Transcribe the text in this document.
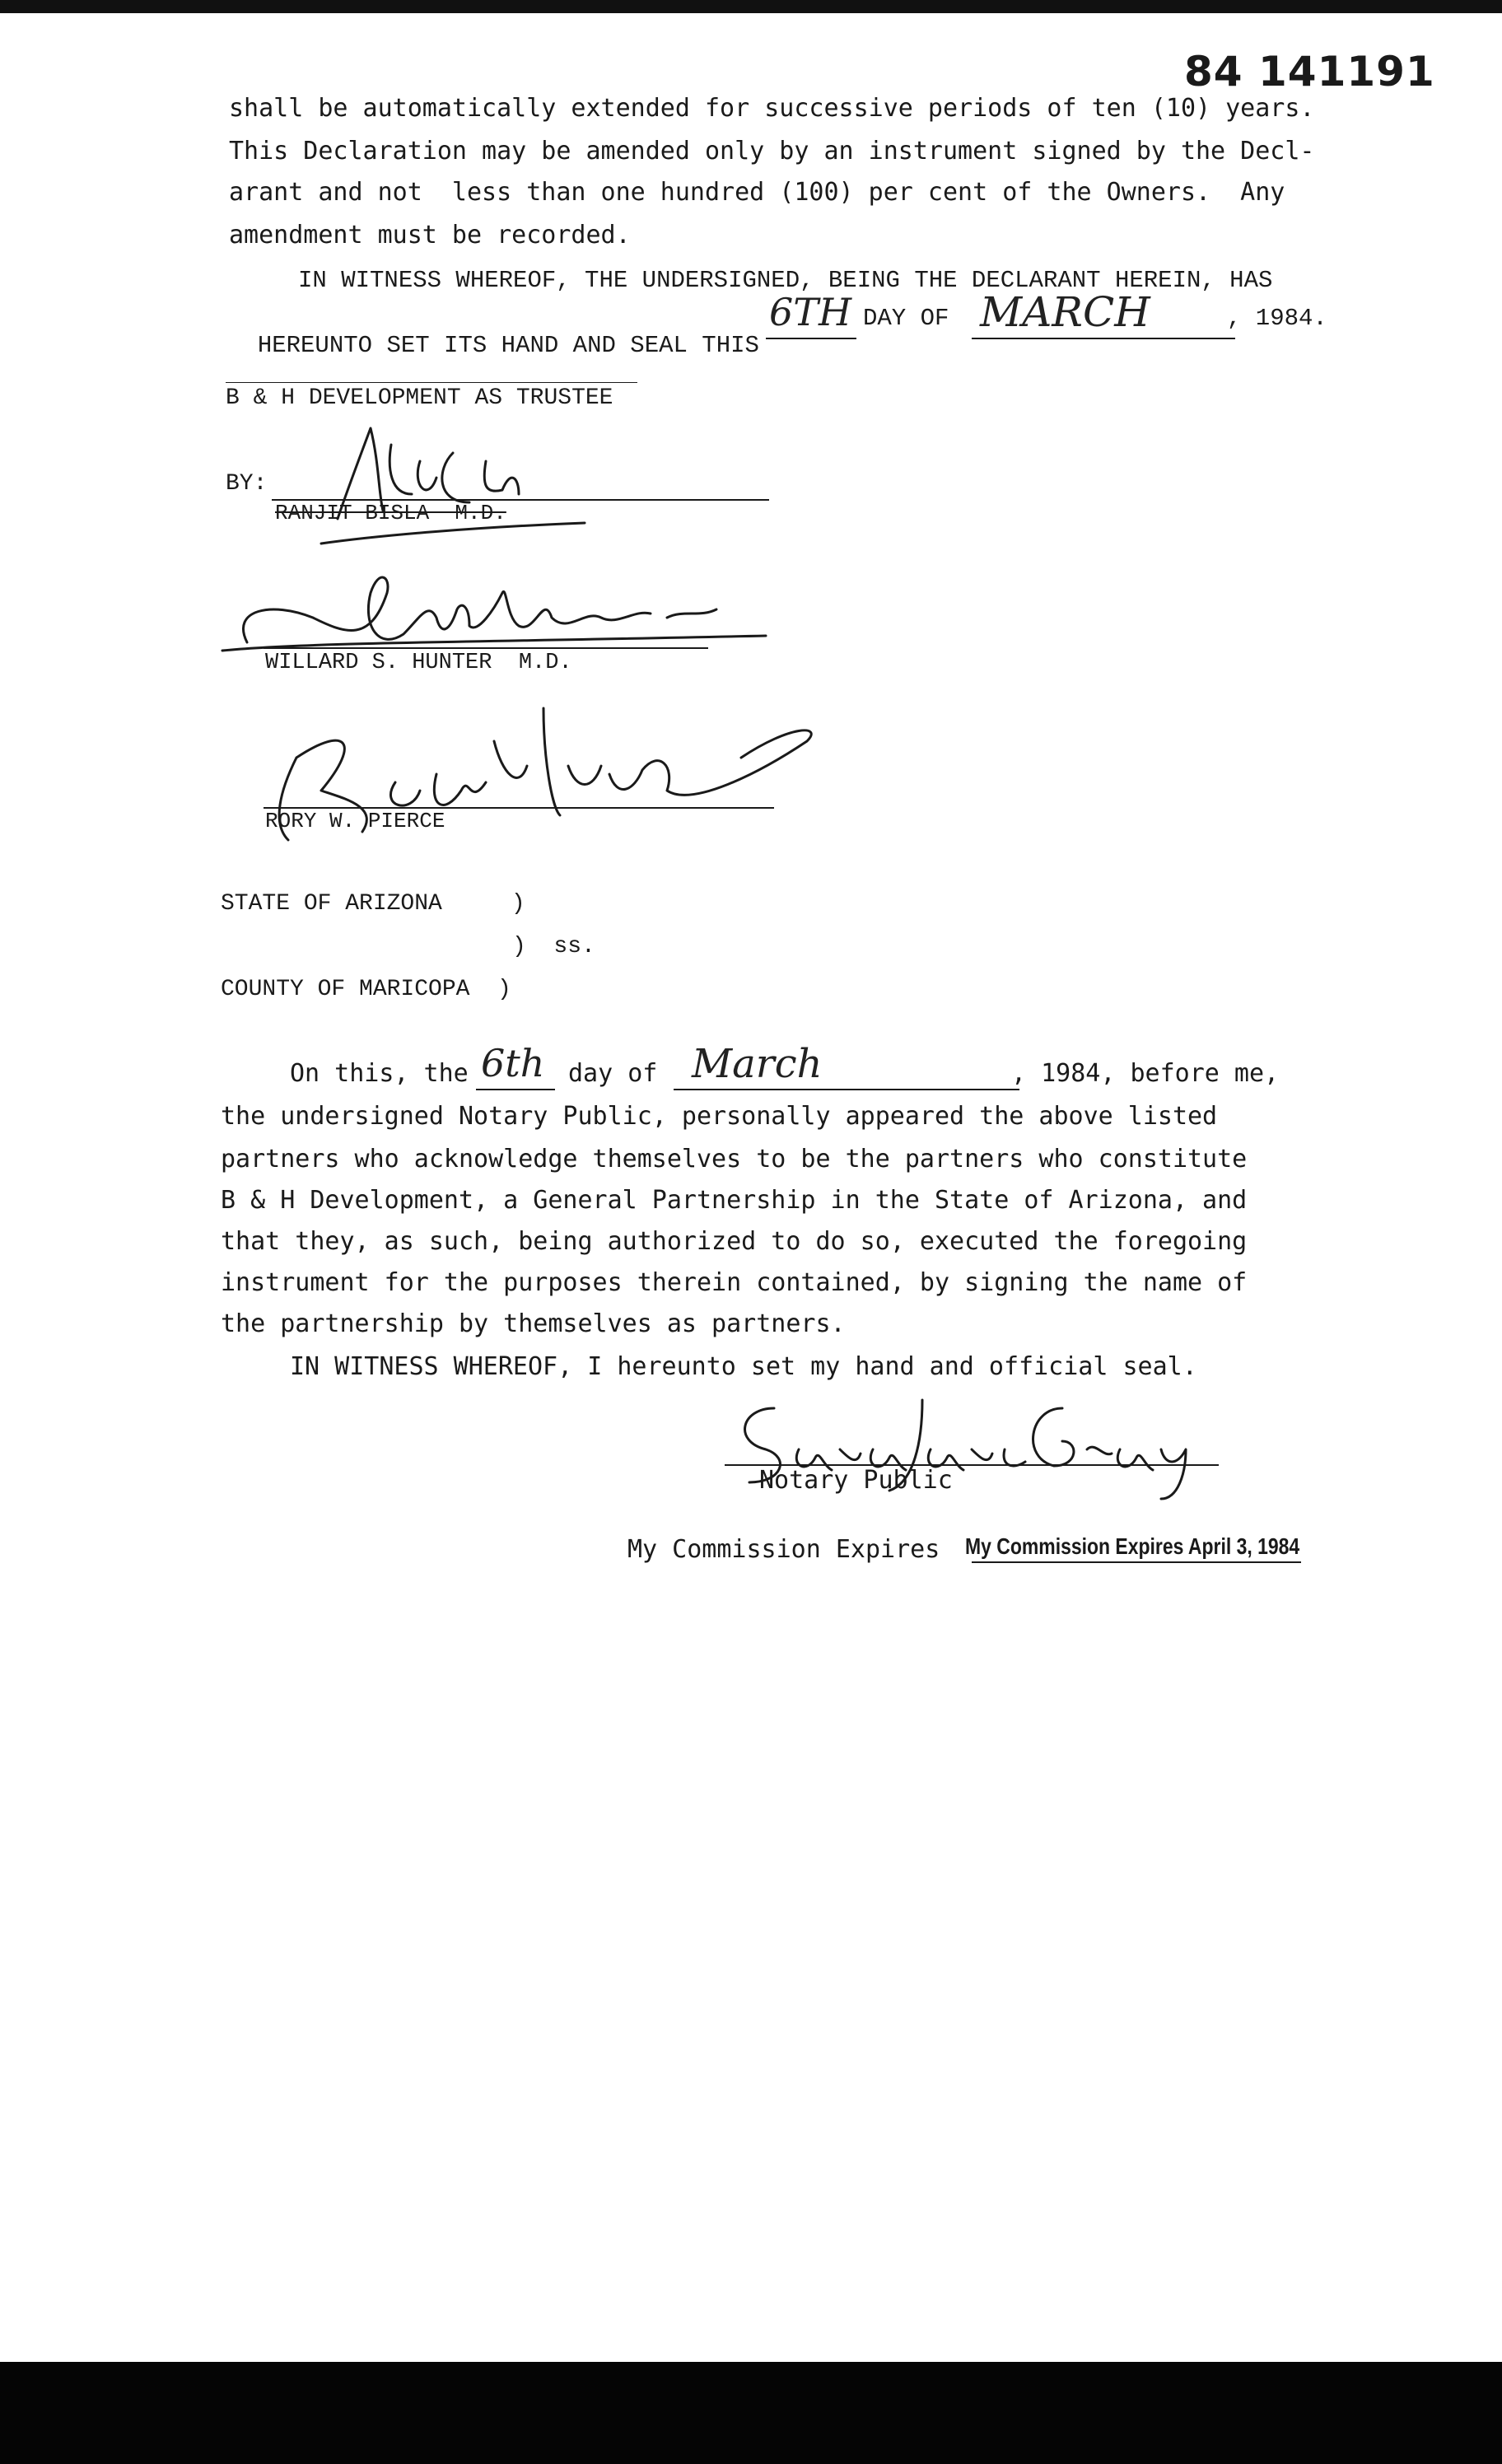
84 141191
shall be automatically extended for successive periods of ten (10) years.
This Declaration may be amended only by an instrument signed by the Decl-
arant and not  less than one hundred (100) per cent of the Owners.  Any
amendment must be recorded.
IN WITNESS WHEREOF, THE UNDERSIGNED, BEING THE DECLARANT HEREIN, HAS

HEREUNTO SET ITS HAND AND SEAL THIS

6TH DAY OF MARCH	, 1984.
B & H DEVELOPMENT AS TRUSTEE
BY:
RANJIT BISLA  M.D.
WILLARD S. HUNTER  M.D.
RORY W. PIERCE
STATE OF ARIZONA     )
)  ss.
COUNTY OF MARICOPA  )
On this, the 6th day of March	, 1984, before me,
the undersigned Notary Public, personally appeared the above listed
partners who acknowledge themselves to be the partners who constitute
B & H Development, a General Partnership in the State of Arizona, and
that they, as such, being authorized to do so, executed the foregoing
instrument for the purposes therein contained, by signing the name of
the partnership by themselves as partners.
IN WITNESS WHEREOF, I hereunto set my hand and official seal.
Notary Public
My Commission Expires My Commission Expires April 3, 1984
